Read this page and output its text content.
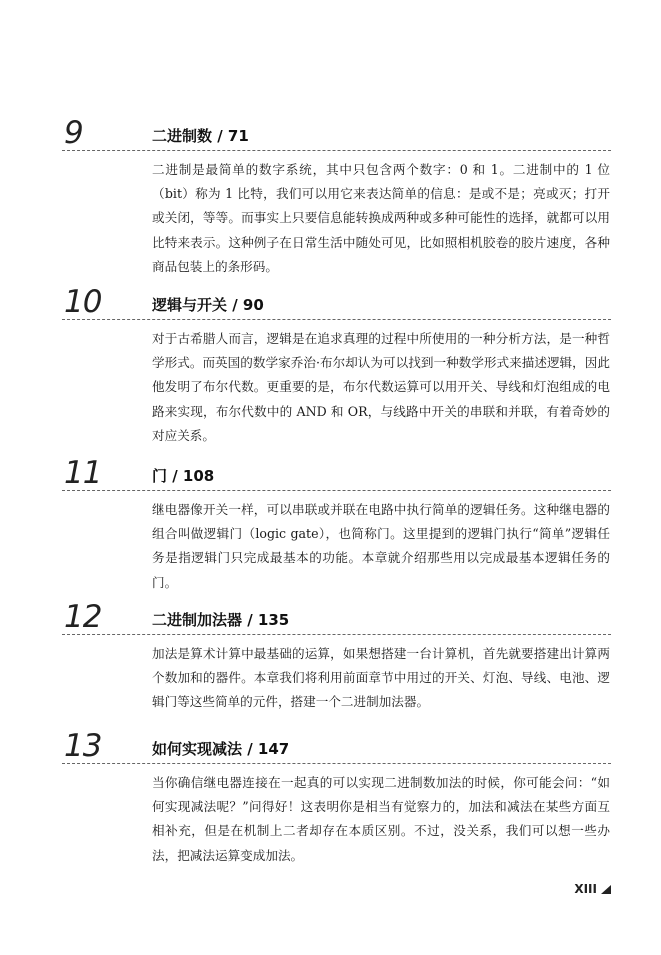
9	二进制数 / 71
二进制是最简单的数字系统，其中只包含两个数字：0 和 1。二进制中的 1 位（bit）称为 1 比特，我们可以用它来表达简单的信息：是或不是；亮或灭；打开或关闭，等等。而事实上只要信息能转换成两种或多种可能性的选择，就都可以用比特来表示。这种例子在日常生活中随处可见，比如照相机胶卷的胶片速度，各种商品包装上的条形码。
10	逻辑与开关 / 90
对于古希腊人而言，逻辑是在追求真理的过程中所使用的一种分析方法，是一种哲学形式。而英国的数学家乔治·布尔却认为可以找到一种数学形式来描述逻辑，因此他发明了布尔代数。更重要的是，布尔代数运算可以用开关、导线和灯泡组成的电路来实现，布尔代数中的 AND 和 OR，与线路中开关的串联和并联，有着奇妙的对应关系。
11	门 / 108
继电器像开关一样，可以串联或并联在电路中执行简单的逻辑任务。这种继电器的组合叫做逻辑门（logic gate），也简称门。这里提到的逻辑门执行“简单”逻辑任务是指逻辑门只完成最基本的功能。本章就介绍那些用以完成最基本逻辑任务的门。
12	二进制加法器 / 135
加法是算术计算中最基础的运算，如果想搭建一台计算机，首先就要搭建出计算两个数加和的器件。本章我们将利用前面章节中用过的开关、灯泡、导线、电池、逻辑门等这些简单的元件，搭建一个二进制加法器。
13	如何实现减法 / 147
当你确信继电器连接在一起真的可以实现二进制数加法的时候，你可能会问：“如何实现减法呢？”问得好！这表明你是相当有觉察力的，加法和减法在某些方面互相补充，但是在机制上二者却存在本质区别。不过，没关系，我们可以想一些办法，把减法运算变成加法。
XIII
